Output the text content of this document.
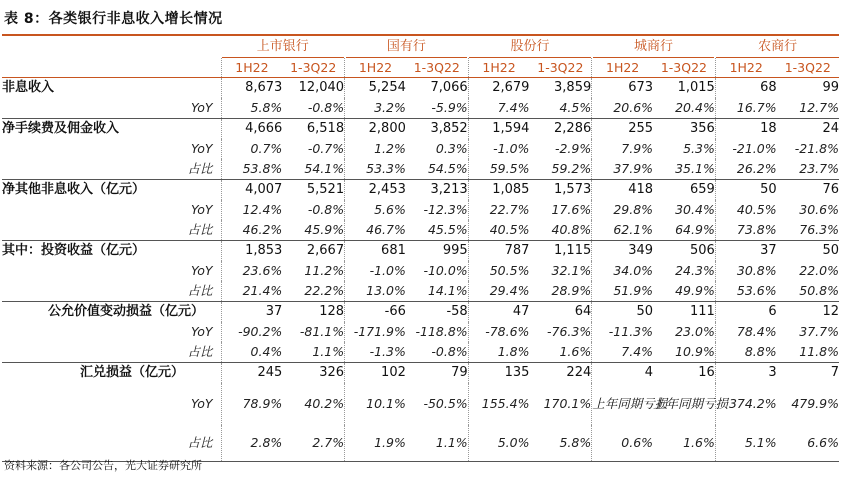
表 8：各类银行非息收入增长情况
	上市银行		国有行		股份行		城商行		农商行	
	1H22	1-3Q22	1H22	1-3Q22	1H22	1-3Q22	1H22	1-3Q22	1H22	1-3Q22
非息收入	8,673	12,040	5,254	7,066	2,679	3,859	673	1,015	68	99
YoY	5.8%	-0.8%	3.2%	-5.9%	7.4%	4.5%	20.6%	20.4%	16.7%	12.7%
净手续费及佣金收入	4,666	6,518	2,800	3,852	1,594	2,286	255	356	18	24
YoY	0.7%	-0.7%	1.2%	0.3%	-1.0%	-2.9%	7.9%	5.3%	-21.0%	-21.8%
占比	53.8%	54.1%	53.3%	54.5%	59.5%	59.2%	37.9%	35.1%	26.2%	23.7%
净其他非息收入（亿元）	4,007	5,521	2,453	3,213	1,085	1,573	418	659	50	76
YoY	12.4%	-0.8%	5.6%	-12.3%	22.7%	17.6%	29.8%	30.4%	40.5%	30.6%
占比	46.2%	45.9%	46.7%	45.5%	40.5%	40.8%	62.1%	64.9%	73.8%	76.3%
其中：投资收益（亿元）	1,853	2,667	681	995	787	1,115	349	506	37	50
YoY	23.6%	11.2%	-1.0%	-10.0%	50.5%	32.1%	34.0%	24.3%	30.8%	22.0%
占比	21.4%	22.2%	13.0%	14.1%	29.4%	28.9%	51.9%	49.9%	53.6%	50.8%
公允价值变动损益（亿元）	37	128	-66	-58	47	64	50	111	6	12
YoY	-90.2%	-81.1%	-171.9%	-118.8%	-78.6%	-76.3%	-11.3%	23.0%	78.4%	37.7%
占比	0.4%	1.1%	-1.3%	-0.8%	1.8%	1.6%	7.4%	10.9%	8.8%	11.8%
汇兑损益（亿元）	245	326	102	79	135	224	4	16	3	7
YoY	78.9%	40.2%	10.1%	-50.5%	155.4%	170.1%	上年同期亏损	上年同期亏损	374.2%	479.9%
占比	2.8%	2.7%	1.9%	1.1%	5.0%	5.8%	0.6%	1.6%	5.1%	6.6%
资料来源：各公司公告，光大证券研究所
